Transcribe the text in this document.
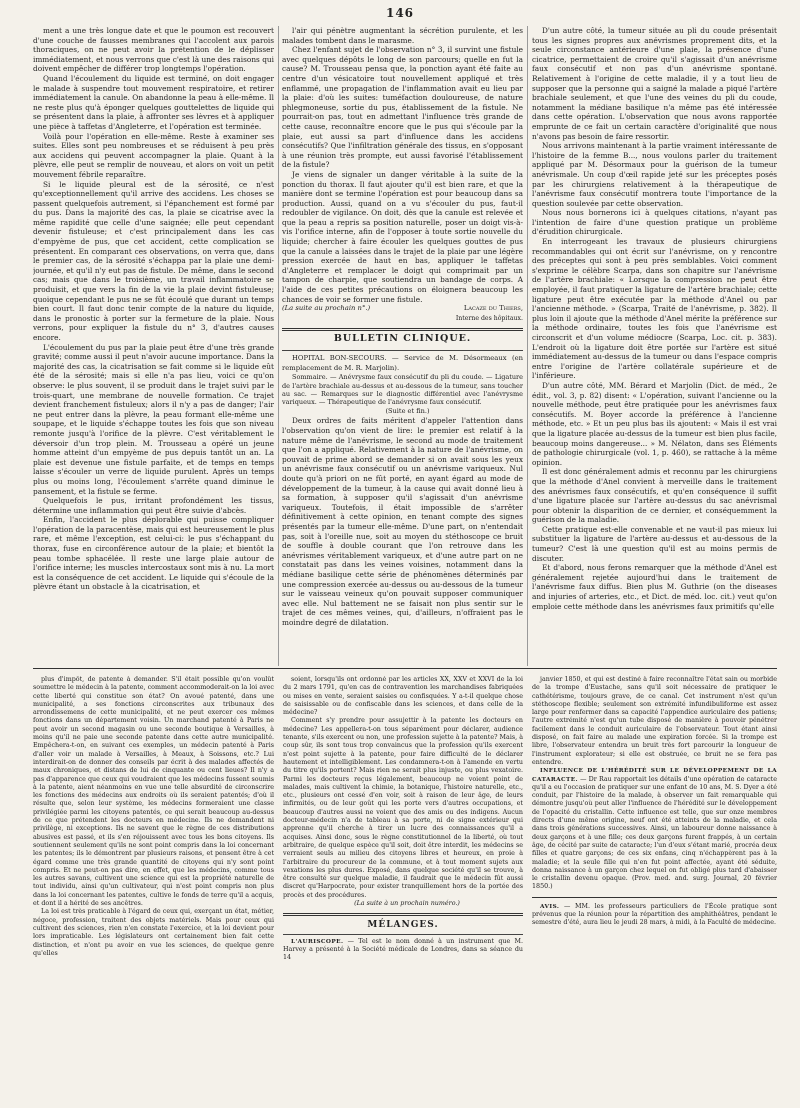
146

ment a une très longue date et que le poumon est recouvert d'une couche de fausses membranes qui l'accolent aux parois thoraciques, on ne peut avoir la prétention de le déplisser immédiatement, et nous verrons que c'est là une des raisons qui doivent empêcher de différer trop longtemps l'opération.

Quand l'écoulement du liquide est terminé, on doit engager le malade à suspendre tout mouvement respiratoire, et retirer immédiatement la canule. On abandonne la peau à elle-même. Il ne reste plus qu'à éponger quelques gouttelettes de liquide qui se présentent dans la plaie, à affronter ses lèvres et à appliquer une pièce à taffetas d'Angleterre, et l'opération est terminée.

Voilà pour l'opération en elle-même. Reste à examiner ses suites. Elles sont peu nombreuses et se réduisent à peu près aux accidens qui peuvent accompagner la plaie. Quant à la plèvre, elle peut se remplir de nouveau, et alors on voit un petit mouvement fébrile reparaître.

Si le liquide pleural est de la sérosité, ce n'est qu'exceptionnellement qu'il arrive des accidens. Les choses se passent quelquefois autrement, si l'épanchement est formé par du pus. Dans la majorité des cas, la plaie se cicatrise avec la même rapidité que celle d'une saignée; elle peut cependant devenir fistuleuse; et c'est principalement dans les cas d'empyème de pus, que cet accident, cette complication se présentent. En comparant ces observations, on verra que, dans le premier cas, de la sérosité s'échappa par la plaie une demi-journée, et qu'il n'y eut pas de fistule. De même, dans le second cas; mais que dans le troisième, un travail inflammatoire se produisit, et que vers la fin de la vie la plaie devint fistuleuse; quoique cependant le pus ne se fût écoulé que durant un temps bien court. Il faut donc tenir compte de la nature du liquide, dans le pronostic à porter sur la fermeture de la plaie. Nous verrons, pour expliquer la fistule du n° 3, d'autres causes encore.

L'écoulement du pus par la plaie peut être d'une très grande gravité; comme aussi il peut n'avoir aucune importance. Dans la majorité des cas, la cicatrisation se fait comme si le liquide eût été de la sérosité; mais si elle n'a pas lieu, voici ce qu'on observe: le plus souvent, il se produit dans le trajet suivi par le trois-quart, une membrane de nouvelle formation. Ce trajet devient franchement fistuleux; alors il n'y a pas de danger; l'air ne peut entrer dans la plèvre, la peau formant elle-même une soupape, et le liquide s'échappe toutes les fois que son niveau remonte jusqu'à l'orifice de la plèvre. C'est véritablement le déversoir d'un trop plein. M. Trousseau a opéré un jeune homme atteint d'un empyème de pus depuis tantôt un an. La plaie est devenue une fistule parfaite, et de temps en temps laisse s'écouler un verre de liquide purulent. Après un temps plus ou moins long, l'écoulement s'arrête quand diminue le pansement, et la fistule se ferme.

Quelquefois le pus, irritant profondément les tissus, détermine une inflammation qui peut être suivie d'abcès.

Enfin, l'accident le plus déplorable qui puisse compliquer l'opération de la paracentèse, mais qui est heureusement le plus rare, et même l'exception, est celui-ci: le pus s'échappant du thorax, fuse en circonférence autour de la plaie; et bientôt la peau tombe sphacélée. Il reste une large plaie autour de l'orifice interne; les muscles intercostaux sont mis à nu. La mort est la conséquence de cet accident. Le liquide qui s'écoule de la plèvre étant un obstacle à la cicatrisation, et

l'air qui pénètre augmentant la sécrétion purulente, et les malades tombent dans le marasme.

Chez l'enfant sujet de l'observation n° 3, il survint une fistule avec quelques dépôts le long de son parcours; quelle en fut la cause? M. Trousseau pensa que, la ponction ayant été faite au centre d'un vésicatoire tout nouvellement appliqué et très enflammé, une propagation de l'inflammation avait eu lieu par la plaie: d'où les suites: tuméfaction douloureuse, de nature phlegmoneuse, sortie du pus, établissement de la fistule. Ne pourrait-on pas, tout en admettant l'influence très grande de cette cause, reconnaître encore que le pus qui s'écoule par la plaie, eut aussi sa part d'influence dans les accidens consécutifs? Que l'infiltration générale des tissus, en s'opposant à une réunion très prompte, eut aussi favorisé l'établissement de la fistule?

Je viens de signaler un danger véritable à la suite de la ponction du thorax. Il faut ajouter qu'il est bien rare, et que la manière dont se termine l'opération est pour beaucoup dans sa production. Aussi, quand on a vu s'écouler du pus, faut-il redoubler de vigilance. On doit, dès que la canule est relevée et que la peau a repris sa position naturelle, poser un doigt vis-à-vis l'orifice interne, afin de l'opposer à toute sortie nouvelle du liquide; chercher à faire écouler les quelques gouttes de pus que la canule a laissées dans le trajet de la plaie par une légère pression exercée de haut en bas, appliquer le taffetas d'Angleterre et remplacer le doigt qui comprimait par un tampon de charpie, que soutiendra un bandage de corps. A l'aide de ces petites précautions on éloignera beaucoup les chances de voir se former une fistule.

(La suite au prochain n°.)	Lacaze du Thiers,
Interne des hôpitaux.
BULLETIN CLINIQUE.

HOPITAL BON-SECOURS. — Service de M. Désormeaux (en remplacement de M. R. Marjolin).

Sommaire. — Anévrysme faux consécutif du pli du coude. — Ligature de l'artère brachiale au-dessus et au-dessous de la tumeur, sans toucher au sac. — Remarques sur le diagnostic différentiel avec l'anévrysme variqueux. — Thérapeutique de l'anévrysme faux consécutif.

(Suite et fin.)

Deux ordres de faits méritent d'appeler l'attention dans l'observation qu'on vient de lire: le premier est relatif à la nature même de l'anévrisme, le second au mode de traitement que l'on a appliqué. Relativement à la nature de l'anévrisme, on pouvait de prime abord se demander si on avait sous les yeux un anévrisme faux consécutif ou un anévrisme variqueux. Nul doute qu'à priori on ne fût porté, en ayant égard au mode de développement de la tumeur, à la cause qui avait donné lieu à sa formation, à supposer qu'il s'agissait d'un anévrisme variqueux. Toutefois, il était impossible de s'arrêter définitivement à cette opinion, en tenant compte des signes présentés par la tumeur elle-même. D'une part, on n'entendait pas, soit à l'oreille nue, soit au moyen du stéthoscope ce bruit de souffle à double courant que l'on retrouve dans les anévrismes véritablement variqueux, et d'une autre part on ne constatait pas dans les veines voisines, notamment dans la médiane basilique cette série de phénomènes déterminés par une compression exercée au-dessus ou au-dessous de la tumeur sur le vaisseau veineux qu'on pouvait supposer communiquer avec elle. Nul battement ne se faisait non plus sentir sur le trajet de ces mêmes veines, qui, d'ailleurs, n'offraient pas le moindre degré de dilatation.

D'un autre côté, la tumeur située au pli du coude présentait tous les signes propres aux anévrismes proprement dits, et la seule circonstance antérieure d'une plaie, la présence d'une cicatrice, permettaient de croire qu'il s'agissait d'un anévrisme faux consécutif et non pas d'un anévrisme spontané. Relativement à l'origine de cette maladie, il y a tout lieu de supposer que la personne qui a saigné la malade a piqué l'artère brachiale seulement, et que l'une des veines du pli du coude, notamment la médiane basilique n'a même pas été intéressée dans cette opération. L'observation que nous avons rapportée emprunte de ce fait un certain caractère d'originalité que nous n'avons pas besoin de faire ressortir.

Nous arrivons maintenant à la partie vraiment intéressante de l'histoire de la femme B..., nous voulons parler du traitement appliqué par M. Désormaux pour la guérison de la tumeur anévrismale. Un coup d'œil rapide jeté sur les préceptes posés par les chirurgiens relativement à la thérapeutique de l'anévrisme faux consécutif montrera toute l'importance de la question soulevée par cette observation.

Nous nous bornerons ici à quelques citations, n'ayant pas l'intention de faire d'une question pratique un problème d'érudition chirurgicale.

En interrogeant les travaux de plusieurs chirurgiens recommandables qui ont écrit sur l'anévrisme, on y rencontre des préceptes qui sont à peu près semblables. Voici comment s'exprime le célèbre Scarpa, dans son chapitre sur l'anévrisme de l'artère brachiale: « Lorsque la compression ne peut être employée, il faut pratiquer la ligature de l'artère brachiale; cette ligature peut être exécutée par la méthode d'Anel ou par l'ancienne méthode. » (Scarpa, Traité de l'anévrisme, p. 382). Il plus loin il ajoute que la méthode d'Anel mérite la préférence sur la méthode ordinaire, toutes les fois que l'anévrisme est circonscrit et d'un volume médiocre (Scarpa, Loc. cit. p. 383). L'endroit où la ligature doit être portée sur l'artère est situé immédiatement au-dessus de la tumeur ou dans l'espace compris entre l'origine de l'artère collatérale supérieure et de l'inférieure.

D'un autre côté, MM. Bérard et Marjolin (Dict. de méd., 2e édit., vol. 3, p. 82) disent: « L'opération, suivant l'ancienne ou la nouvelle méthode, peut être pratiquée pour les anévrismes faux consécutifs. M. Boyer accorde la préférence à l'ancienne méthode, etc. » Et un peu plus bas ils ajoutent: « Mais il est vrai que la ligature placée au-dessus de la tumeur est bien plus facile, beaucoup moins dangereuse... » M. Nélaton, dans ses Éléments de pathologie chirurgicale (vol. 1, p. 460), se rattache à la même opinion.

Il est donc généralement admis et reconnu par les chirurgiens que la méthode d'Anel convient à merveille dans le traitement des anévrismes faux consécutifs, et qu'en conséquence il suffit d'une ligature placée sur l'artère au-dessus du sac anévrismal pour obtenir la disparition de ce dernier, et conséquemment la guérison de la maladie.

Cette pratique est-elle convenable et ne vaut-il pas mieux lui substituer la ligature de l'artère au-dessus et au-dessous de la tumeur? C'est là une question qu'il est au moins permis de discuter.

Et d'abord, nous ferons remarquer que la méthode d'Anel est généralement rejetée aujourd'hui dans le traitement de l'anévrisme faux diffus. Bien plus M. Guthrie (on the diseases and injuries of arteries, etc., et Dict. de méd. loc. cit.) veut qu'on emploie cette méthode dans les anévrismes faux primitifs qu'elle

plus d'impôt, de patente à demander. S'il était possible qu'on voulût soumettre le médecin à la patente, comment accommoderait-on la loi avec cette liberté qui constitue son état? On avoué patenté, dans une municipalité, a ses fonctions circonscrites aux tribunaux des arrondissemens de cette municipalité, et ne peut exercer ces mêmes fonctions dans un département voisin. Un marchand patenté à Paris ne peut avoir un second magasin ou une seconde boutique à Versailles, à moins qu'il ne paie une seconde patente dans cette autre municipalité. Empêchera-t-on, en suivant ces exemples, un médecin patenté à Paris d'aller voir un malade à Versailles, à Meaux, à Soissons, etc.? Lui interdirait-on de donner des conseils par écrit à des malades affectés de maux chroniques, et distans de lui de cinquante ou cent lieues? Il n'y a pas d'apparence que ceux qui voudraient que les médecins fussent soumis à la patente, aient néanmoins en vue une telle absurdité de circonscrire les fonctions des médecins aux endroits où ils seraient patentés; d'où il résulte que, selon leur système, les médecins formeraient une classe privilégiée parmi les citoyens patentés, ce qui serait beaucoup au-dessus de ce que prétendent les docteurs en médecine. Ils ne demandent ni privilège, ni exceptions. Ils ne savent que le règne de ces distributions abusives est passé, et ils s'en réjouissent avec tous les bons citoyens. Ils soutiennent seulement qu'ils ne sont point compris dans la loi concernant les patentes; ils le démontrent par plusieurs raisons, et pensent être à cet égard comme une très grande quantité de citoyens qui n'y sont point compris. Et ne peut-on pas dire, en effet, que les médecins, comme tous les autres savans, cultivent une science qui est la propriété naturelle de tout individu, ainsi qu'un cultivateur, qui n'est point compris non plus dans la loi concernant les patentes, cultive le fonds de terre qu'il a acquis, et dont il a hérité de ses ancêtres.

La loi est très praticable à l'égard de ceux qui, exerçant un état, métier, négoce, profession, traitent des objets matériels. Mais pour ceux qui cultivent des sciences, rien n'en constate l'exercice, et la loi devient pour lors impraticable. Les législateurs ont certainement bien fait cette distinction, et n'ont pu avoir en vue les sciences, de quelque genre qu'elles

soient, lorsqu'ils ont ordonné par les articles XX, XXV et XXVI de la loi du 2 mars 1791, qu'en cas de contravention les marchandises fabriquées ou mises en vente, seraient saisies ou confisquées. Y a-t-il quelque chose de saisissable ou de confiscable dans les sciences, et dans celle de la médecine?

Comment s'y prendre pour assujettir à la patente les docteurs en médecine? Les appellera-t-on tous séparément pour déclarer, audience tenante, s'ils exercent ou non, une profession sujette à la patente? Mais, à coup sûr, ils sont tous trop convaincus que la profession qu'ils exercent n'est point sujette à la patente, pour faire difficulté de le déclarer hautement et intelligiblement. Les condamnera-t-on à l'amende en vertu du titre qu'ils portent? Mais rien ne serait plus injuste, ou plus vexatoire. Parmi les docteurs reçus légalement, beaucoup ne voient point de malades, mais cultivent la chimie, la botanique, l'histoire naturelle, etc., etc., plusieurs ont cessé d'en voir, soit à raison de leur âge, de leurs infirmités, ou de leur goût qui les porte vers d'autres occupations, et beaucoup d'autres aussi ne voient que des amis ou des indigens. Aucun docteur-médecin n'a de tableau à sa porte, ni de signe extérieur qui apprenne qu'il cherche à tirer un lucre des connaissances qu'il a acquises. Ainsi donc, sous le règne constitutionnel de la liberté, où tout arbitraire, de quelque espèce qu'il soit, doit être interdit, les médecins se verraient seuls au milieu des citoyens libres et heureux, en proie à l'arbitraire du procureur de la commune, et à tout moment sujets aux vexations les plus dures. Exposé, dans quelque société qu'il se trouve, à être consulté sur quelque maladie, il faudrait que le médecin fût aussi discret qu'Harpocrate, pour exister tranquillement hors de la portée des procès et des procédures.

(La suite à un prochain numéro.)

MÉLANGES.

L'AURISCOPE. — Tel est le nom donné à un instrument que M. Harvey a présenté à la Société médicale de Londres, dans sa séance du 14

janvier 1850, et qui est destiné à faire reconnaître l'état sain ou morbide de la trompe d'Eustache, sans qu'il soit nécessaire de pratiquer le cathétérisme, toujours grave, de ce canal. Cet instrument n'est qu'un stéthoscope flexible; seulement son extrémité infundibuliforme est assez large pour renfermer dans sa capacité l'appendice auriculaire des patiens; l'autre extrémité n'est qu'un tube disposé de manière à pouvoir pénétrer facilement dans le conduit auriculaire de l'observateur. Tout étant ainsi disposé, on fait faire au malade une expiration forcée. Si la trompe est libre, l'observateur entendra un bruit très fort parcourir la longueur de l'instrument explorateur; si elle est obstruée, ce bruit ne se fera pas entendre.

INFLUENCE DE L'HÉRÉDITÉ SUR LE DÉVELOPPEMENT DE LA CATARACTE. — Dr Rau rapportait les détails d'une opération de cataracte qu'il a eu l'occasion de pratiquer sur une enfant de 10 ans, M. S. Dyer a été conduit, par l'histoire de la malade, à observer un fait remarquable qui démontre jusqu'où peut aller l'influence de l'hérédité sur le développement de l'opacité du cristallin. Cette influence est telle, que sur onze membres directs d'une même origine, neuf ont été atteints de la maladie, et cela dans trois générations successives. Ainsi, un laboureur donne naissance à deux garçons et à une fille; ces deux garçons furent frappés, à un certain âge, de cécité par suite de cataracte; l'un d'eux s'étant marié, procréa deux filles et quatre garçons; de ces six enfans, cinq n'échappèrent pas à la maladie; et la seule fille qui n'en fut point affectée, ayant été séduite, donna naissance à un garçon chez lequel on fut obligé plus tard d'abaisser le cristallin devenu opaque. (Prov. med. and. surg. Journal, 20 février 1850.)

AVIS. — MM. les professeurs particuliers de l'École pratique sont prévenus que la réunion pour la répartition des amphithéâtres, pendant le semestre d'été, aura lieu le jeudi 28 mars, à midi, à la Faculté de médecine.
